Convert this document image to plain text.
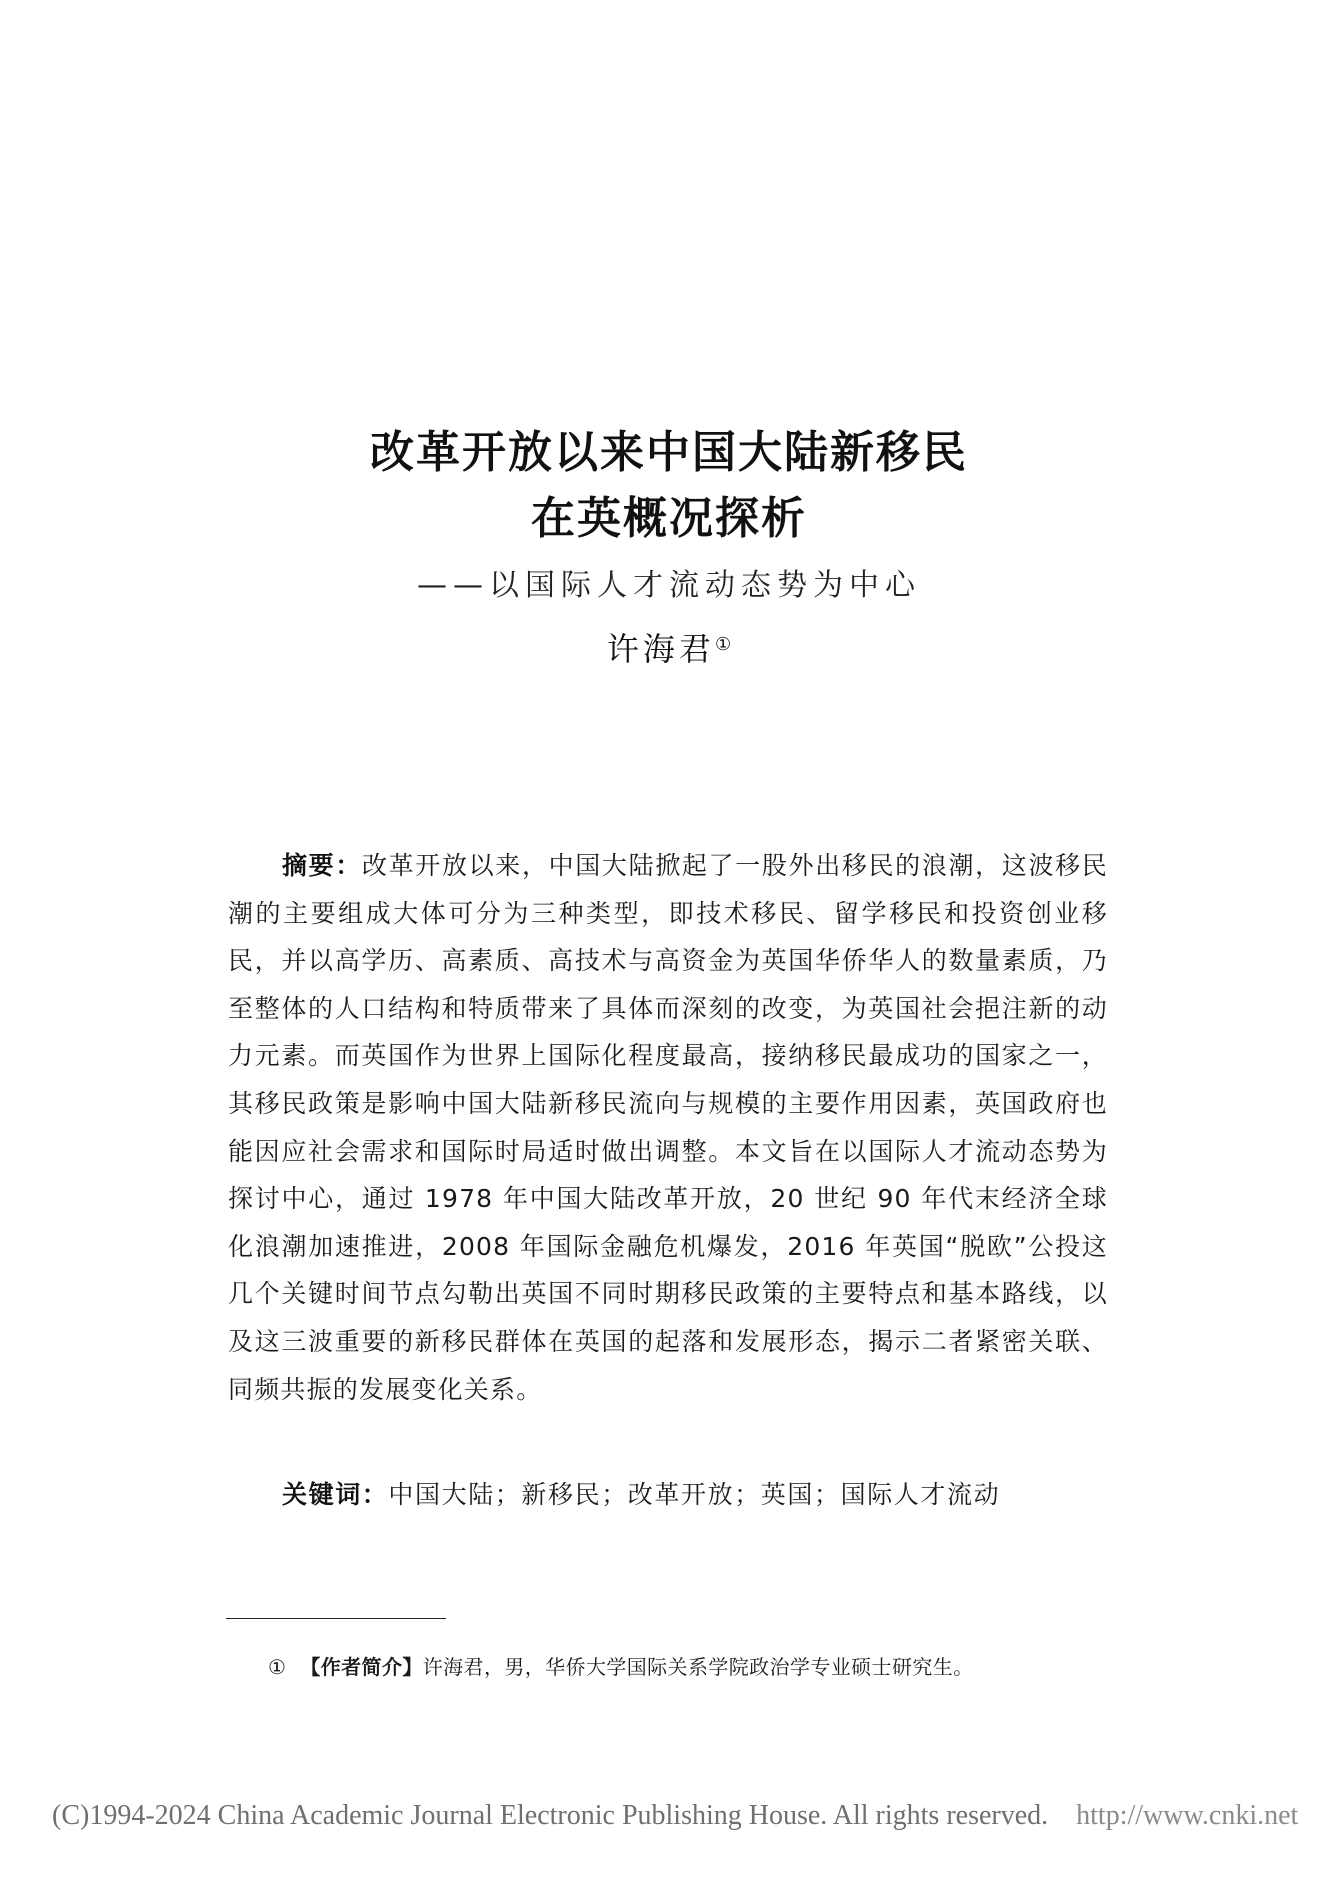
改革开放以来中国大陆新移民
在英概况探析
——以国际人才流动态势为中心
许海君①
摘要：改革开放以来，中国大陆掀起了一股外出移民的浪潮，这波移民潮的主要组成大体可分为三种类型，即技术移民、留学移民和投资创业移民，并以高学历、高素质、高技术与高资金为英国华侨华人的数量素质，乃至整体的人口结构和特质带来了具体而深刻的改变，为英国社会挹注新的动力元素。而英国作为世界上国际化程度最高，接纳移民最成功的国家之一，其移民政策是影响中国大陆新移民流向与规模的主要作用因素，英国政府也能因应社会需求和国际时局适时做出调整。本文旨在以国际人才流动态势为探讨中心，通过 1978 年中国大陆改革开放，20 世纪 90 年代末经济全球化浪潮加速推进，2008 年国际金融危机爆发，2016 年英国“脱欧”公投这几个关键时间节点勾勒出英国不同时期移民政策的主要特点和基本路线，以及这三波重要的新移民群体在英国的起落和发展形态，揭示二者紧密关联、同频共振的发展变化关系。
关键词：中国大陆；新移民；改革开放；英国；国际人才流动
① 【作者简介】许海君，男，华侨大学国际关系学院政治学专业硕士研究生。
(C)1994-2024 China Academic Journal Electronic Publishing House. All rights reserved. http://www.cnki.net
